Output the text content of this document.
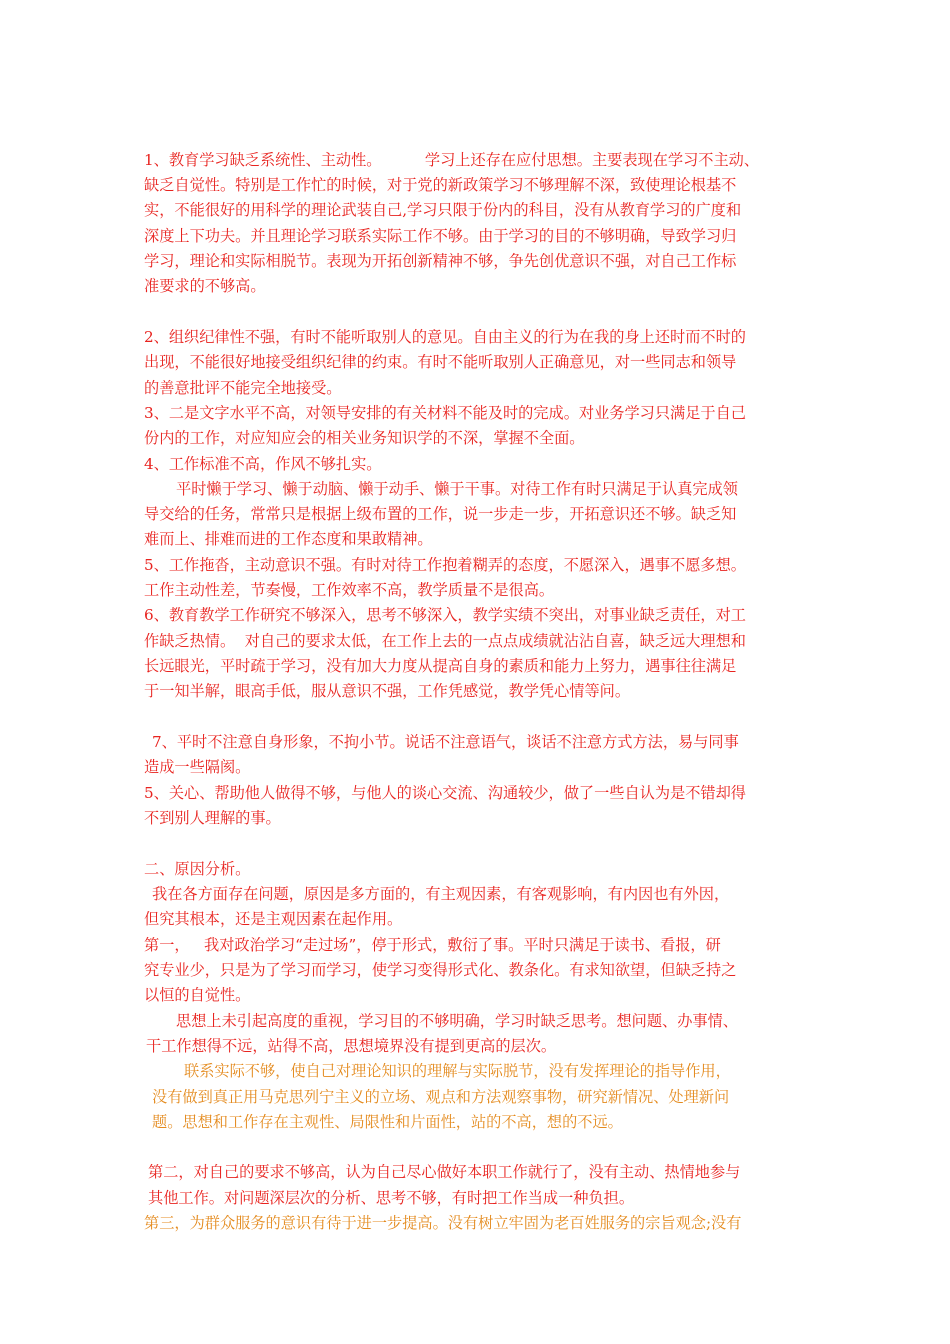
1、教育学习缺乏系统性、主动性。         学习上还存在应付思想。主要表现在学习不主动、
缺乏自觉性。特别是工作忙的时候，对于党的新政策学习不够理解不深，致使理论根基不
实，不能很好的用科学的理论武装自己,学习只限于份内的科目，没有从教育学习的广度和
深度上下功夫。并且理论学习联系实际工作不够。由于学习的目的不够明确，导致学习归
学习，理论和实际相脱节。表现为开拓创新精神不够，争先创优意识不强，对自己工作标
准要求的不够高。
2、组织纪律性不强，有时不能听取别人的意见。自由主义的行为在我的身上还时而不时的
出现，不能很好地接受组织纪律的约束。有时不能听取别人正确意见，对一些同志和领导
的善意批评不能完全地接受。
3、二是文字水平不高，对领导安排的有关材料不能及时的完成。对业务学习只满足于自己
份内的工作，对应知应会的相关业务知识学的不深，掌握不全面。
4、工作标准不高，作风不够扎实。
平时懒于学习、懒于动脑、懒于动手、懒于干事。对待工作有时只满足于认真完成领
导交给的任务，常常只是根据上级布置的工作，说一步走一步，开拓意识还不够。缺乏知
难而上、排难而进的工作态度和果敢精神。
5、工作拖沓，主动意识不强。有时对待工作抱着糊弄的态度，不愿深入，遇事不愿多想。
工作主动性差，节奏慢，工作效率不高，教学质量不是很高。
6、教育教学工作研究不够深入，思考不够深入，教学实绩不突出，对事业缺乏责任，对工
作缺乏热情。  对自己的要求太低，在工作上去的一点点成绩就沾沾自喜，缺乏远大理想和
长远眼光，平时疏于学习，没有加大力度从提高自身的素质和能力上努力，遇事往往满足
于一知半解，眼高手低，服从意识不强，工作凭感觉，教学凭心情等问。
7、平时不注意自身形象，不拘小节。说话不注意语气，谈话不注意方式方法，易与同事
造成一些隔阂。
5、关心、帮助他人做得不够，与他人的谈心交流、沟通较少，做了一些自认为是不错却得
不到别人理解的事。
二、原因分析。
我在各方面存在问题，原因是多方面的，有主观因素，有客观影响，有内因也有外因，
但究其根本，还是主观因素在起作用。
第一，   我对政治学习“走过场”，停于形式，敷衍了事。平时只满足于读书、看报，研
究专业少，只是为了学习而学习，使学习变得形式化、教条化。有求知欲望，但缺乏持之
以恒的自觉性。
思想上未引起高度的重视，学习目的不够明确，学习时缺乏思考。想问题、办事情、
干工作想得不远，站得不高，思想境界没有提到更高的层次。
联系实际不够，使自己对理论知识的理解与实际脱节，没有发挥理论的指导作用，
没有做到真正用马克思列宁主义的立场、观点和方法观察事物，研究新情况、处理新问
题。思想和工作存在主观性、局限性和片面性，站的不高，想的不远。
第二，对自己的要求不够高，认为自己尽心做好本职工作就行了，没有主动、热情地参与
其他工作。对问题深层次的分析、思考不够，有时把工作当成一种负担。
第三，为群众服务的意识有待于进一步提高。没有树立牢固为老百姓服务的宗旨观念;没有
